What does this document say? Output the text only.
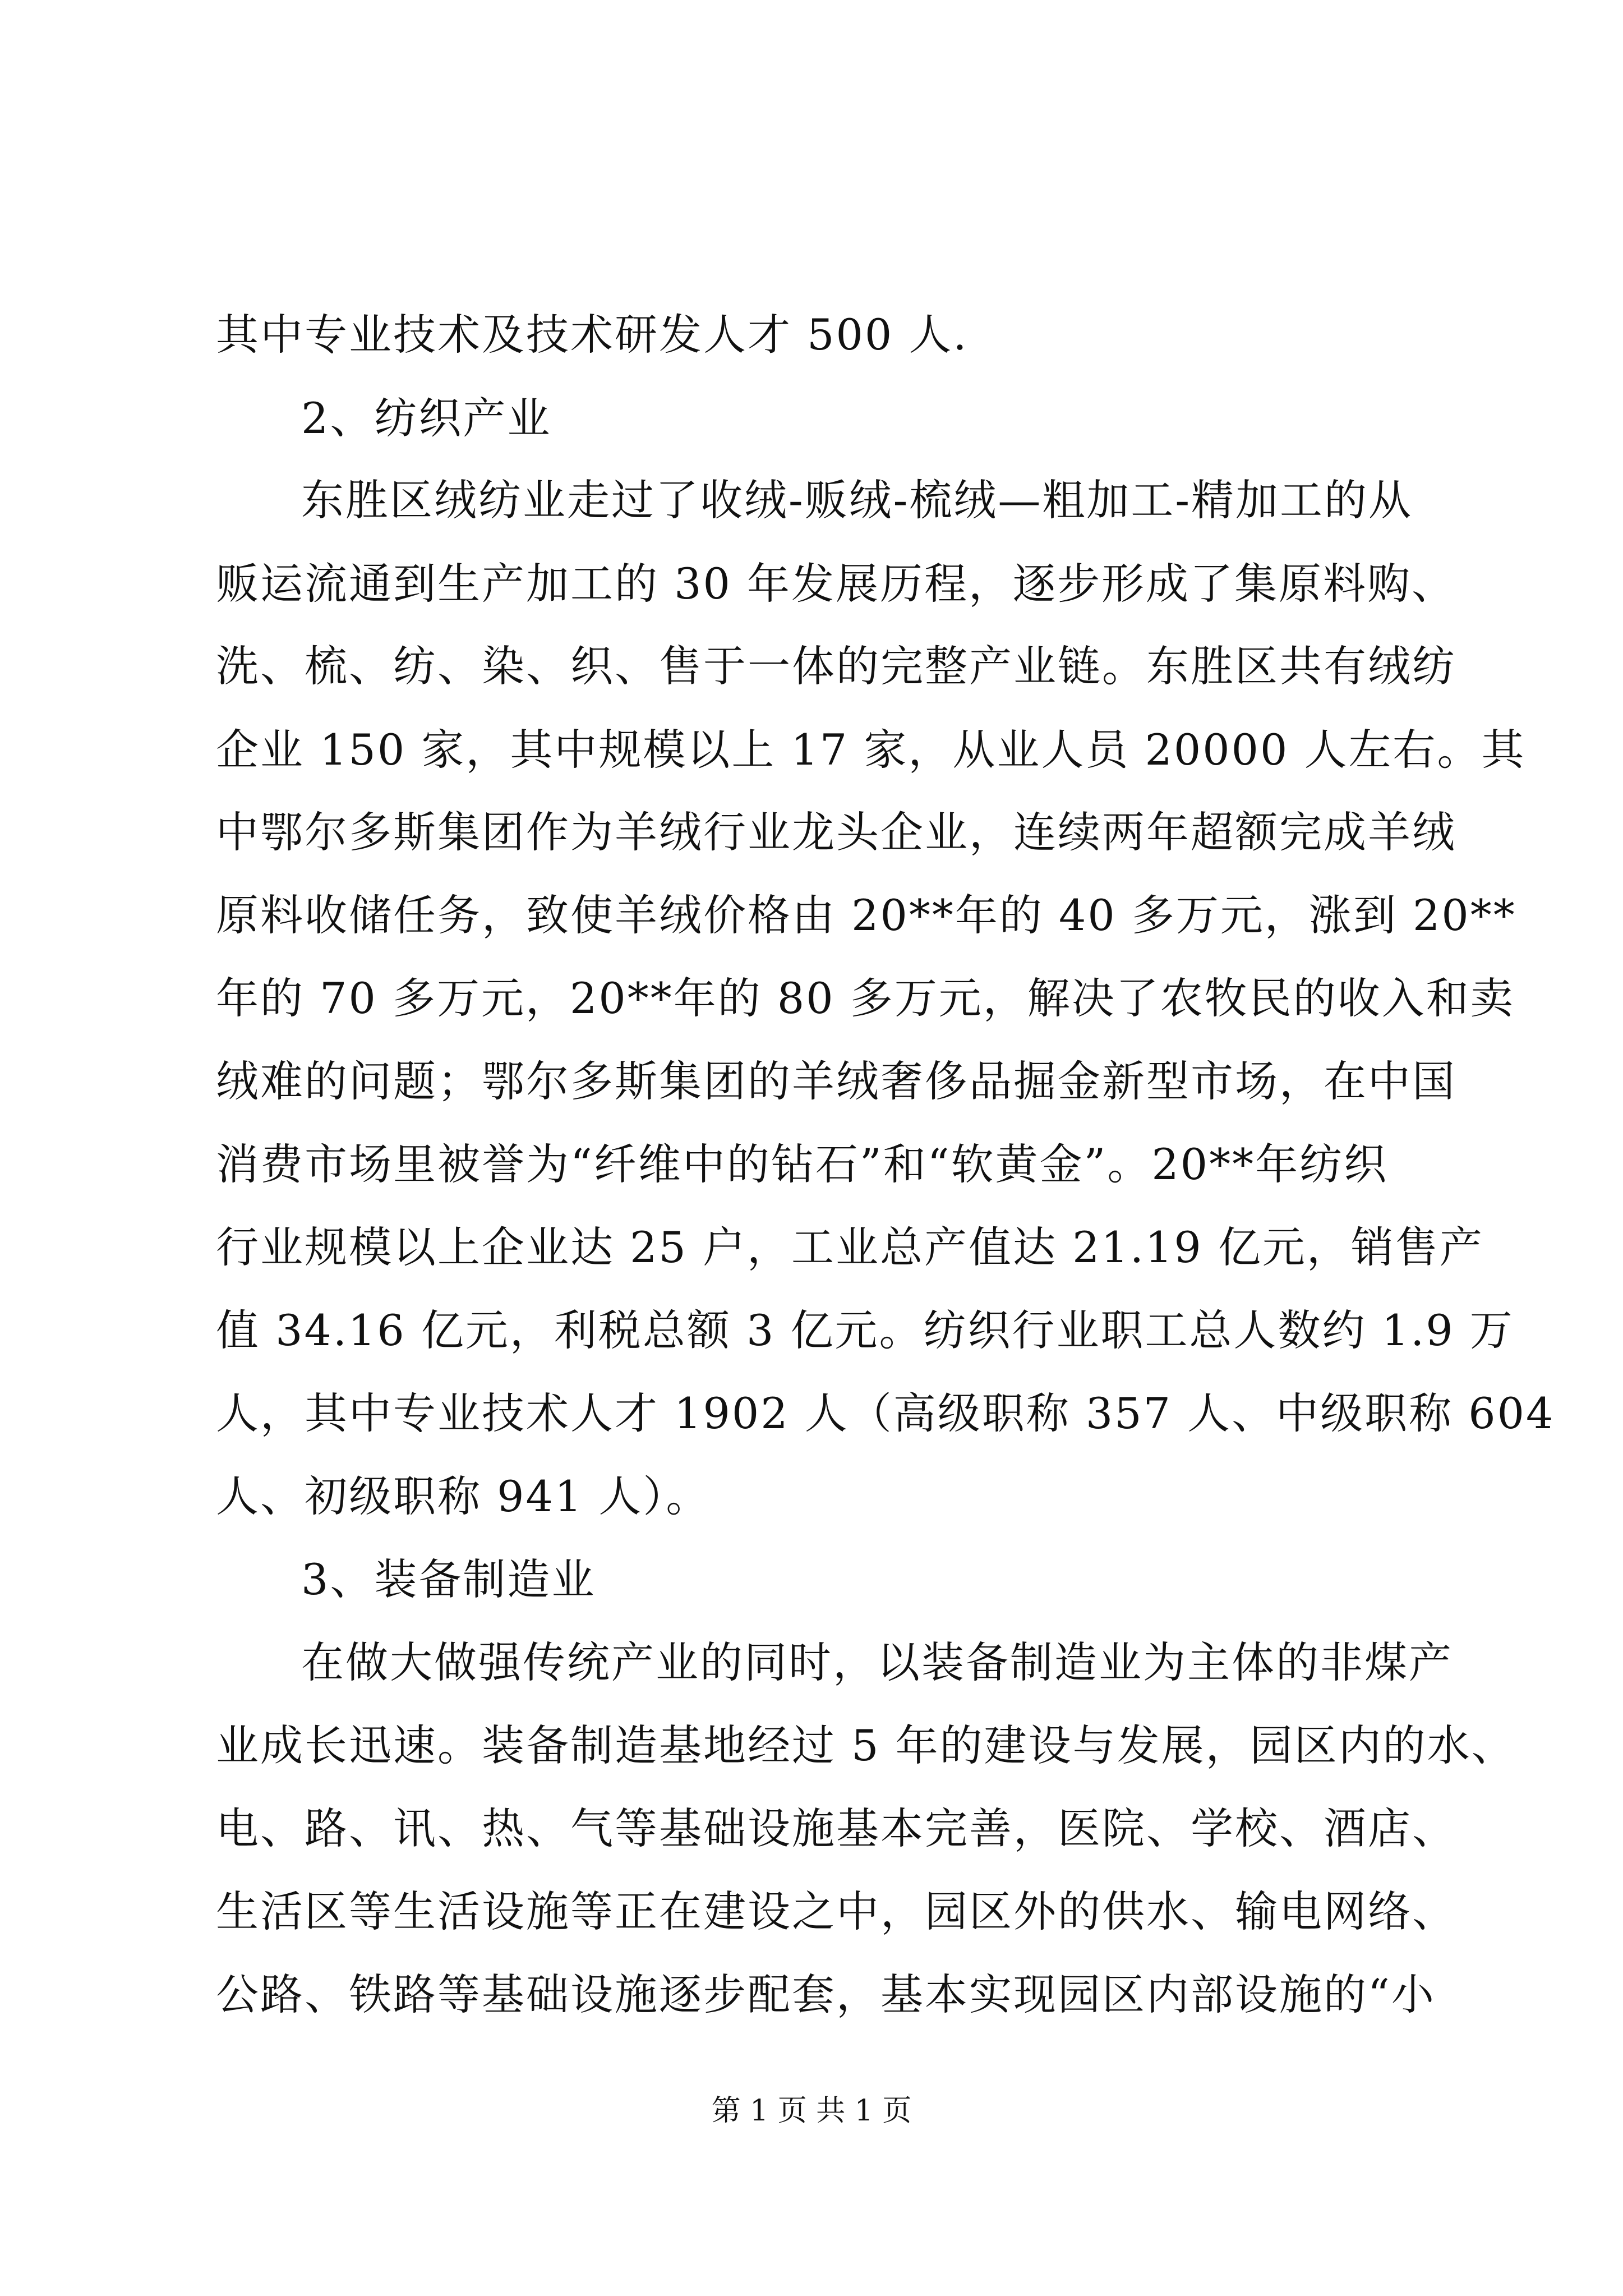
其中专业技术及技术研发人才 500 人.
2、纺织产业
东胜区绒纺业走过了收绒-贩绒-梳绒—粗加工-精加工的从
贩运流通到生产加工的 30 年发展历程，逐步形成了集原料购、
洗、梳、纺、染、织、售于一体的完整产业链。东胜区共有绒纺
企业 150 家，其中规模以上 17 家，从业人员 20000 人左右。其
中鄂尔多斯集团作为羊绒行业龙头企业，连续两年超额完成羊绒
原料收储任务，致使羊绒价格由 20**年的 40 多万元，涨到 20**
年的 70 多万元，20**年的 80 多万元，解决了农牧民的收入和卖
绒难的问题；鄂尔多斯集团的羊绒奢侈品掘金新型市场，在中国
消费市场里被誉为“纤维中的钻石”和“软黄金”。20**年纺织
行业规模以上企业达 25 户，工业总产值达 21.19 亿元，销售产
值 34.16 亿元，利税总额 3 亿元。纺织行业职工总人数约 1.9 万
人，其中专业技术人才 1902 人（高级职称 357 人、中级职称 604
人、初级职称 941 人）。
3、装备制造业
在做大做强传统产业的同时，以装备制造业为主体的非煤产
业成长迅速。装备制造基地经过 5 年的建设与发展，园区内的水、
电、路、讯、热、气等基础设施基本完善，医院、学校、酒店、
生活区等生活设施等正在建设之中，园区外的供水、输电网络、
公路、铁路等基础设施逐步配套，基本实现园区内部设施的“小
第 1 页 共 1 页
